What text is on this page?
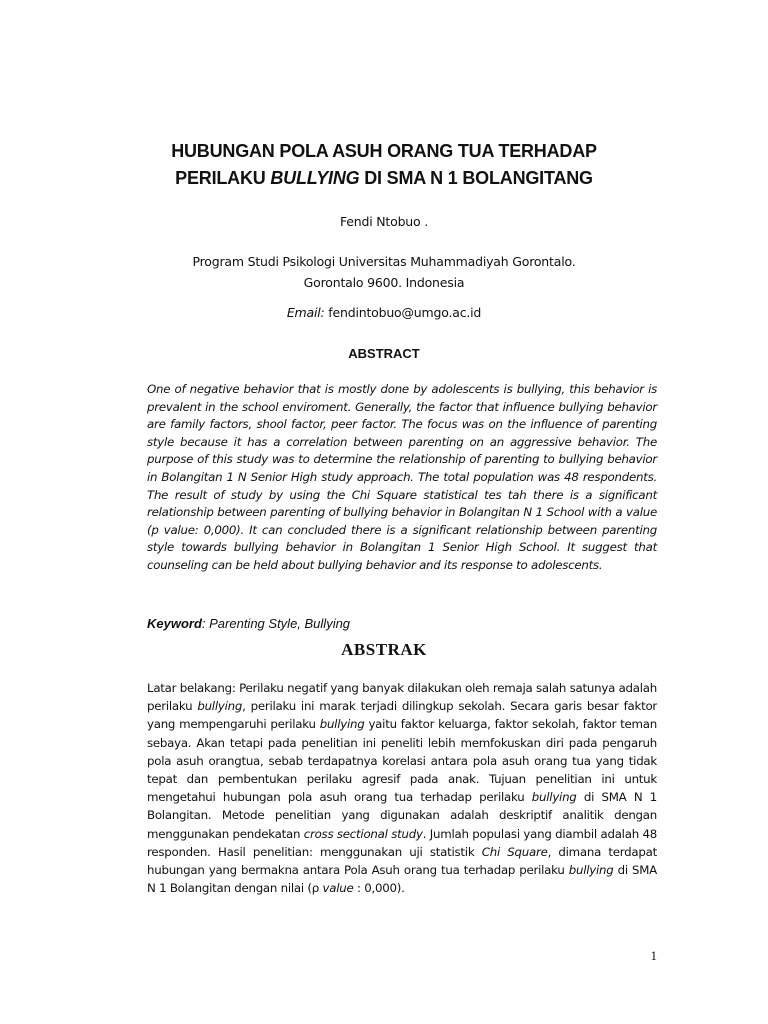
HUBUNGAN POLA ASUH ORANG TUA TERHADAP
PERILAKU BULLYING DI SMA N 1 BOLANGITANG
Fendi Ntobuo .
Program Studi Psikologi Universitas Muhammadiyah Gorontalo.
Gorontalo 9600. Indonesia
Email: fendintobuo@umgo.ac.id
ABSTRACT

One of negative behavior that is mostly done by adolescents is bullying, this behavior is prevalent in the school enviroment. Generally, the factor that influence bullying behavior are family factors, shool factor, peer factor. The focus was on the influence of parenting style because it has a correlation between parenting on an aggressive behavior. The purpose of this study was to determine the relationship of parenting to bullying behavior in Bolangitan 1 N Senior High study approach. The total population was 48 respondents. The result of study by using the Chi Square statistical tes tah there is a significant relationship between parenting of bullying behavior in Bolangitan N 1 School with a value (p value: 0,000). It can concluded there is a significant relationship between parenting style towards bullying behavior in Bolangitan 1 Senior High School. It suggest that counseling can be held about bullying behavior and its response to adolescents.

Keyword: Parenting Style, Bullying
ABSTRAK

Latar belakang: Perilaku negatif yang banyak dilakukan oleh remaja salah satunya adalah perilaku bullying, perilaku ini marak terjadi dilingkup sekolah. Secara garis besar faktor yang mempengaruhi perilaku bullying yaitu faktor keluarga, faktor sekolah, faktor teman sebaya. Akan tetapi pada penelitian ini peneliti lebih memfokuskan diri pada pengaruh pola asuh orangtua, sebab terdapatnya korelasi antara pola asuh orang tua yang tidak tepat dan pembentukan perilaku agresif pada anak. Tujuan penelitian ini untuk mengetahui hubungan pola asuh orang tua terhadap perilaku bullying di SMA N 1 Bolangitan. Metode penelitian yang digunakan adalah deskriptif analitik dengan menggunakan pendekatan cross sectional study. Jumlah populasi yang diambil adalah 48 responden. Hasil penelitian: menggunakan uji statistik Chi Square, dimana terdapat hubungan yang bermakna antara Pola Asuh orang tua terhadap perilaku bullying di SMA N 1 Bolangitan dengan nilai (ρ value : 0,000).

1
